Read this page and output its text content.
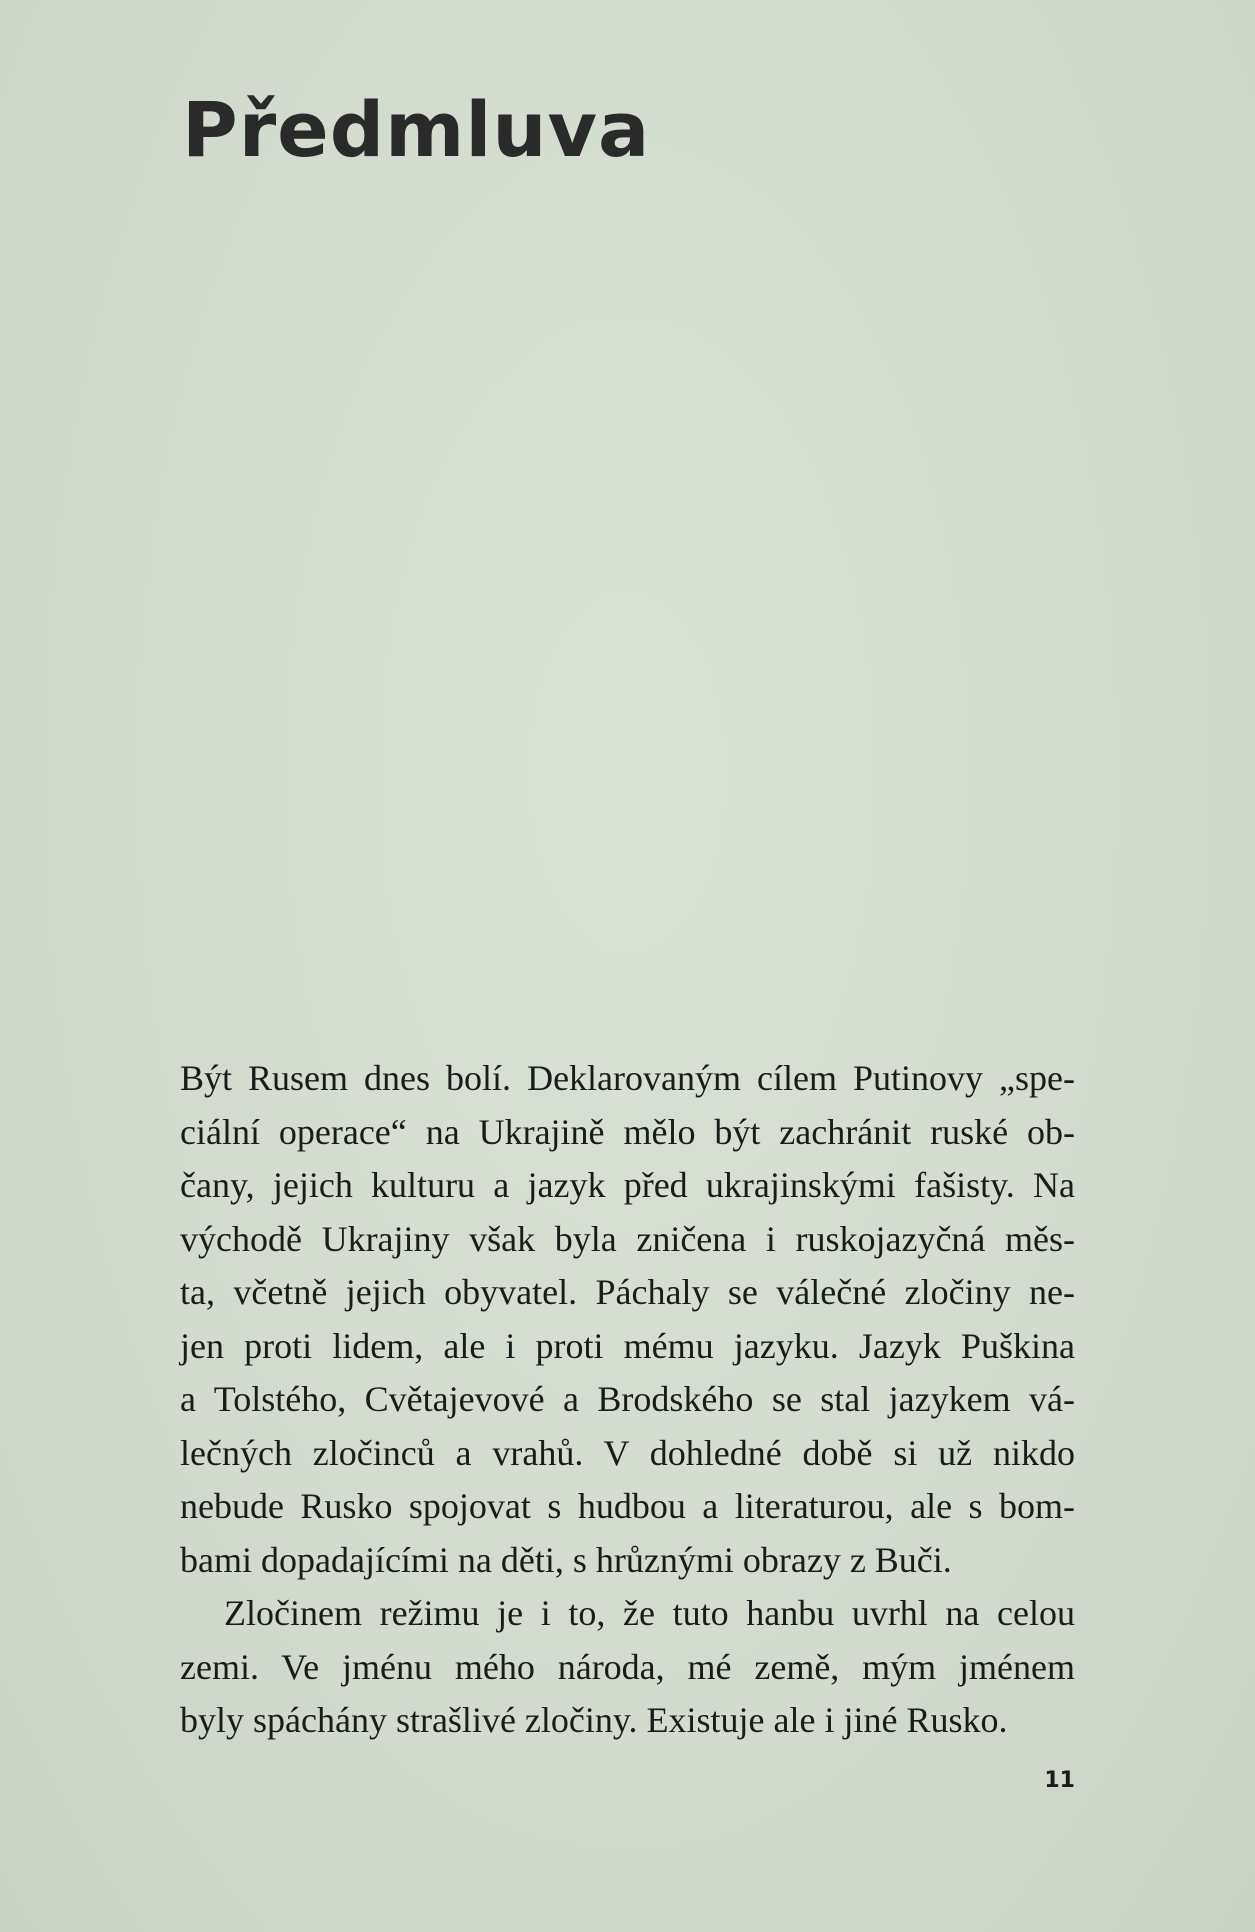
Předmluva
Být Rusem dnes bolí. Deklarovaným cílem Putinovy „spe-
ciální operace“ na Ukrajině mělo být zachránit ruské ob-
čany, jejich kulturu a jazyk před ukrajinskými fašisty. Na
východě Ukrajiny však byla zničena i ruskojazyčná měs-
ta, včetně jejich obyvatel. Páchaly se válečné zločiny ne-
jen proti lidem, ale i proti mému jazyku. Jazyk Puškina
a Tolstého, Cvětajevové a Brodského se stal jazykem vá-
lečných zločinců a vrahů. V dohledné době si už nikdo
nebude Rusko spojovat s hudbou a literaturou, ale s bom-
bami dopadajícími na děti, s hrůznými obrazy z Buči.
Zločinem režimu je i to, že tuto hanbu uvrhl na celou
zemi. Ve jménu mého národa, mé země, mým jménem
byly spáchány strašlivé zločiny. Existuje ale i jiné Rusko.
11
